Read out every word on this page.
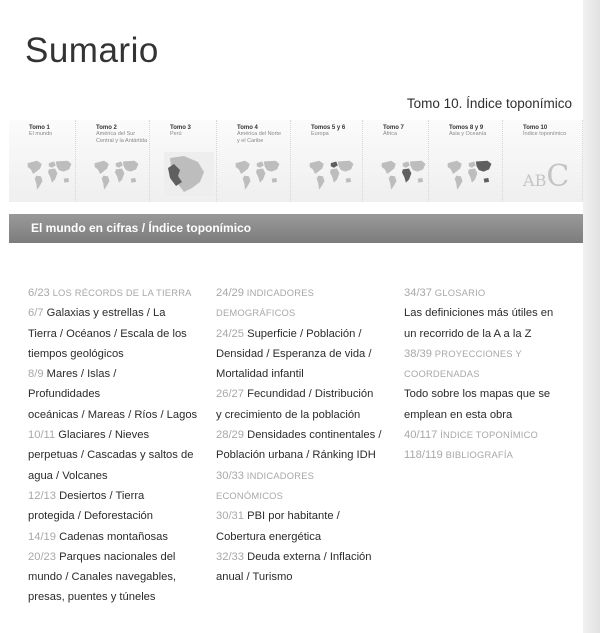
Sumario
Tomo 10. Índice toponímico
Tomo 1
El mundo
Tomo 2
América del Sur
Central y la Antártida
Tomo 3
Perú
Tomo 4
América del Norte
y el Caribe
Tomos 5 y 6
Europa
Tomo 7
África
Tomos 8 y 9
Asia y Oceanía
Tomo 10
Índice toponímico
ABC
El mundo en cifras / Índice toponímico

6/23 LOS RÉCORDS DE LA TIERRA

6/7 Galaxias y estrellas / La

Tierra / Océanos / Escala de los

tiempos geológicos

8/9 Mares / Islas /

Profundidades

oceánicas / Mareas / Ríos / Lagos

10/11 Glaciares / Nieves

perpetuas / Cascadas y saltos de

agua / Volcanes

12/13 Desiertos / Tierra

protegida / Deforestación

14/19 Cadenas montañosas

20/23 Parques nacionales del

mundo / Canales navegables,

presas, puentes y túneles

24/29 INDICADORES

DEMOGRÁFICOS

24/25 Superficie / Población /

Densidad / Esperanza de vida /

Mortalidad infantil

26/27 Fecundidad / Distribución

y crecimiento de la población

28/29 Densidades continentales /

Población urbana / Ránking IDH

30/33 INDICADORES

ECONÓMICOS

30/31 PBI por habitante /

Cobertura energética

32/33 Deuda externa / Inflación

anual / Turismo

34/37 GLOSARIO

Las definiciones más útiles en

un recorrido de la A a la Z

38/39 PROYECCIONES Y

COORDENADAS

Todo sobre los mapas que se

emplean en esta obra

40/117 ÍNDICE TOPONÍMICO

118/119 BIBLIOGRAFÍA
